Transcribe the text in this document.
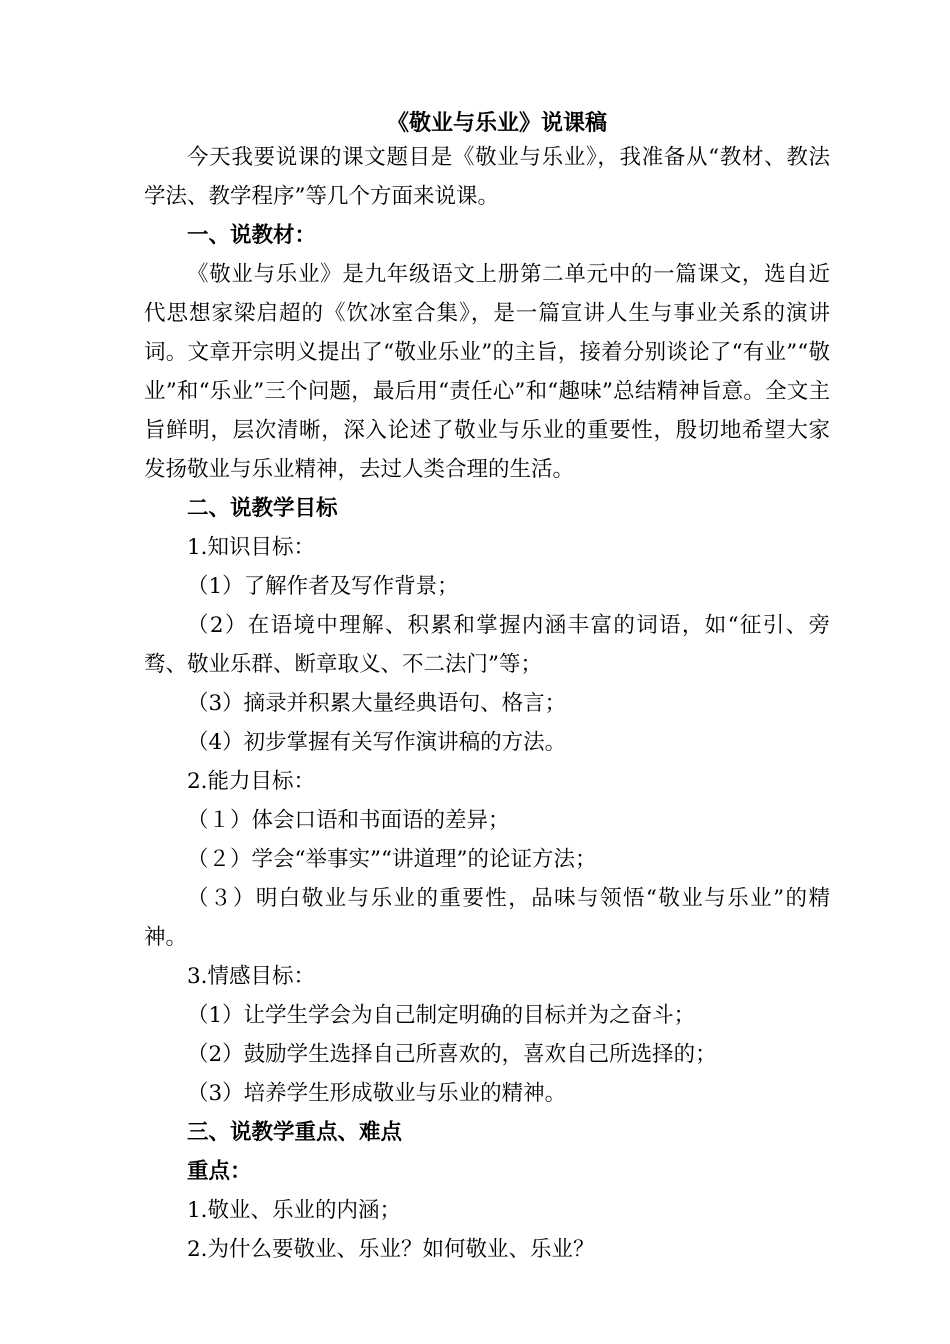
《敬业与乐业》说课稿

今天我要说课的课文题目是《敬业与乐业》，我准备从“教材、教法学法、教学程序”等几个方面来说课。

一、说教材：

《敬业与乐业》是九年级语文上册第二单元中的一篇课文，选自近代思想家梁启超的《饮冰室合集》，是一篇宣讲人生与事业关系的演讲词。文章开宗明义提出了“敬业乐业”的主旨，接着分别谈论了“有业”“敬业”和“乐业”三个问题，最后用“责任心”和“趣味”总结精神旨意。全文主旨鲜明，层次清晰，深入论述了敬业与乐业的重要性，殷切地希望大家发扬敬业与乐业精神，去过人类合理的生活。

二、说教学目标

1.知识目标：

（1）了解作者及写作背景；

（2）在语境中理解、积累和掌握内涵丰富的词语，如“征引、旁骛、敬业乐群、断章取义、不二法门”等；

（3）摘录并积累大量经典语句、格言；

（4）初步掌握有关写作演讲稿的方法。

2.能力目标：

（１）体会口语和书面语的差异；

（２）学会“举事实”“讲道理”的论证方法；

（３）明白敬业与乐业的重要性，品味与领悟“敬业与乐业”的精神。

3.情感目标：

（1）让学生学会为自己制定明确的目标并为之奋斗；

（2）鼓励学生选择自己所喜欢的，喜欢自己所选择的；

（3）培养学生形成敬业与乐业的精神。

三、说教学重点、难点

重点：

1.敬业、乐业的内涵；

2.为什么要敬业、乐业？如何敬业、乐业？
